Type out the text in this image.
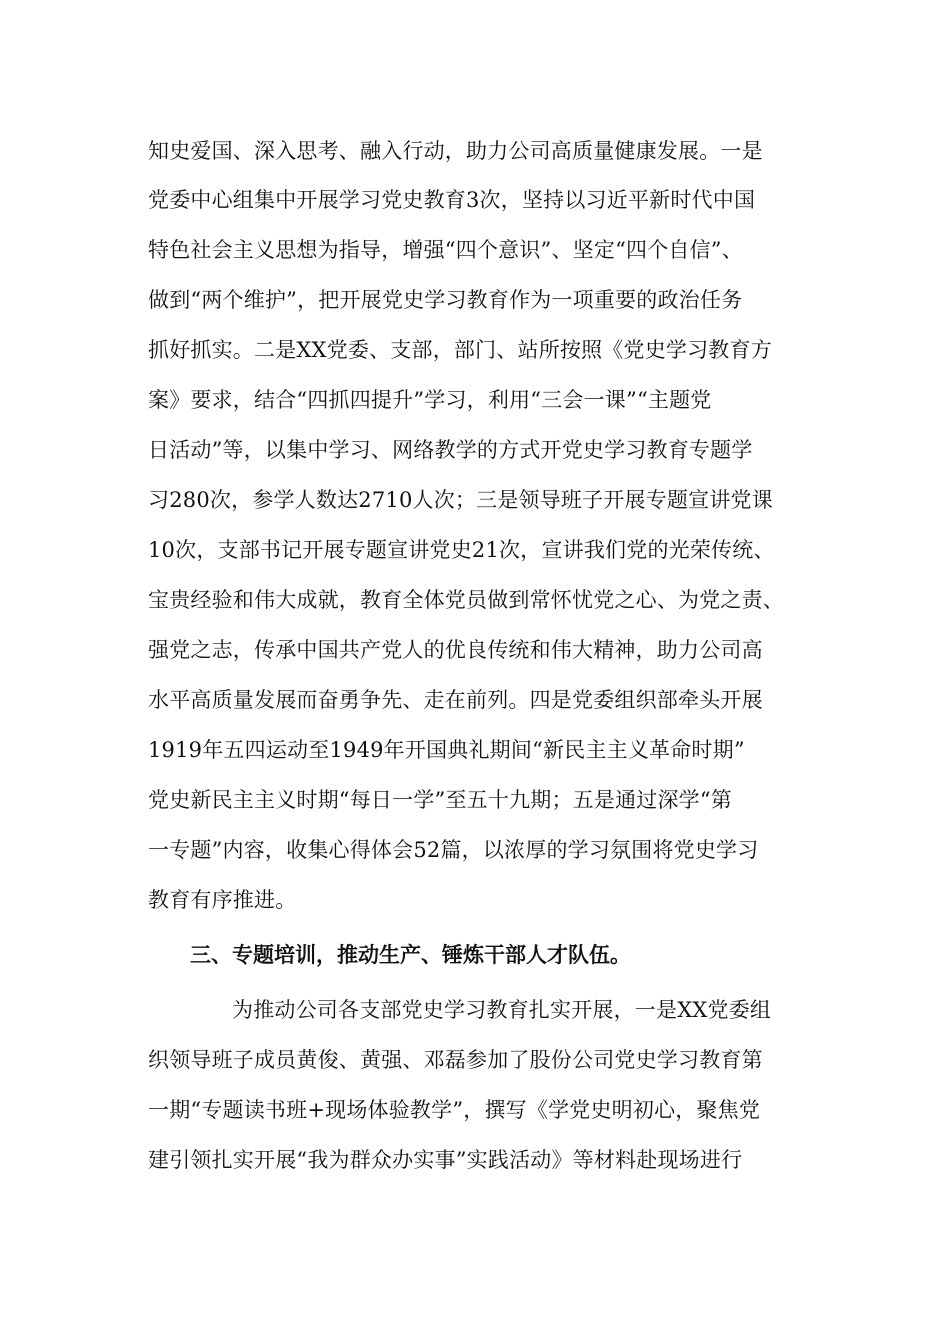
知史爱国、深入思考、融入行动，助力公司高质量健康发展。一是
党委中心组集中开展学习党史教育3次，坚持以习近平新时代中国
特色社会主义思想为指导，增强“四个意识”、坚定“四个自信”、
做到“两个维护”，把开展党史学习教育作为一项重要的政治任务
抓好抓实。二是XX党委、支部，部门、站所按照《党史学习教育方
案》要求，结合“四抓四提升”学习，利用“三会一课”“主题党
日活动”等，以集中学习、网络教学的方式开党史学习教育专题学
习280次，参学人数达2710人次；三是领导班子开展专题宣讲党课
10次，支部书记开展专题宣讲党史21次，宣讲我们党的光荣传统、
宝贵经验和伟大成就，教育全体党员做到常怀忧党之心、为党之责、
强党之志，传承中国共产党人的优良传统和伟大精神，助力公司高
水平高质量发展而奋勇争先、走在前列。四是党委组织部牵头开展
1919年五四运动至1949年开国典礼期间“新民主主义革命时期”
党史新民主主义时期“每日一学”至五十九期；五是通过深学“第
一专题”内容，收集心得体会52篇，以浓厚的学习氛围将党史学习
教育有序推进。
三、专题培训，推动生产、锤炼干部人才队伍。
为推动公司各支部党史学习教育扎实开展，一是XX党委组
织领导班子成员黄俊、黄强、邓磊参加了股份公司党史学习教育第
一期“专题读书班+现场体验教学”，撰写《学党史明初心，聚焦党
建引领扎实开展“我为群众办实事”实践活动》等材料赴现场进行
